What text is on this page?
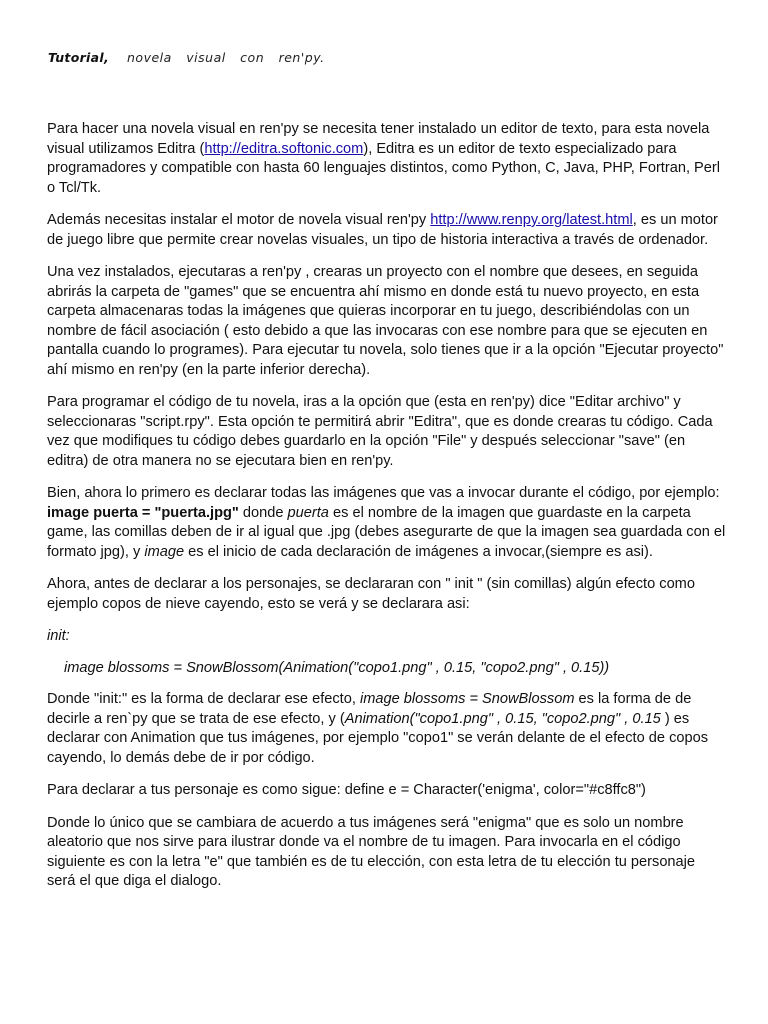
Tutorial, novela visual con ren'py.

Para hacer una novela visual en ren'py se necesita tener instalado un editor de texto, para esta novela visual utilizamos Editra (http://editra.softonic.com), Editra es un editor de texto especializado para programadores y compatible con hasta 60 lenguajes distintos, como Python, C, Java, PHP, Fortran, Perl o Tcl/Tk.

Además necesitas instalar el motor de novela visual ren'py http://www.renpy.org/latest.html, es un motor de juego libre que permite crear novelas visuales, un tipo de historia interactiva a través de ordenador.

Una vez instalados, ejecutaras a ren'py , crearas un proyecto con el nombre que desees, en seguida abrirás la carpeta de "games" que se encuentra ahí mismo en donde está tu nuevo proyecto, en esta carpeta almacenaras todas la imágenes que quieras incorporar en tu juego, describiéndolas con un nombre de fácil asociación ( esto debido a que las invocaras con ese nombre para que se ejecuten en pantalla cuando lo programes). Para ejecutar tu novela, solo tienes que ir a la opción "Ejecutar proyecto" ahí mismo en ren'py (en la parte inferior derecha).

Para programar el código de tu novela, iras a la opción que (esta en ren'py) dice "Editar archivo" y seleccionaras "script.rpy". Esta opción te permitirá abrir "Editra", que es donde crearas tu código. Cada vez que modifiques tu código debes guardarlo en la opción "File" y después seleccionar "save" (en editra) de otra manera no se ejecutara bien en ren'py.

Bien, ahora lo primero es declarar todas las imágenes que vas a invocar durante el código, por ejemplo: image puerta = "puerta.jpg" donde puerta es el nombre de la imagen que guardaste en la carpeta game, las comillas deben de ir al igual que .jpg (debes asegurarte de que la imagen sea guardada con el formato jpg), y image es el inicio de cada declaración de imágenes a invocar,(siempre es asi).

Ahora, antes de declarar a los personajes, se declararan con " init " (sin comillas) algún efecto como ejemplo copos de nieve cayendo, esto se verá y se declarara asi:

init:

image blossoms = SnowBlossom(Animation("copo1.png" , 0.15, "copo2.png" , 0.15))

Donde "init:" es la forma de declarar ese efecto, image blossoms = SnowBlossom es la forma de de decirle a ren`py que se trata de ese efecto, y (Animation("copo1.png" , 0.15, "copo2.png" , 0.15 ) es declarar con Animation que tus imágenes, por ejemplo "copo1" se verán delante de el efecto de copos cayendo, lo demás debe de ir por código.

Para declarar a tus personaje es como sigue: define e = Character('enigma', color="#c8ffc8")

Donde lo único que se cambiara de acuerdo a tus imágenes será "enigma" que es solo un nombre aleatorio que nos sirve para ilustrar donde va el nombre de tu imagen. Para invocarla en el código siguiente es con la letra "e" que también es de tu elección, con esta letra de tu elección tu personaje será el que diga el dialogo.
